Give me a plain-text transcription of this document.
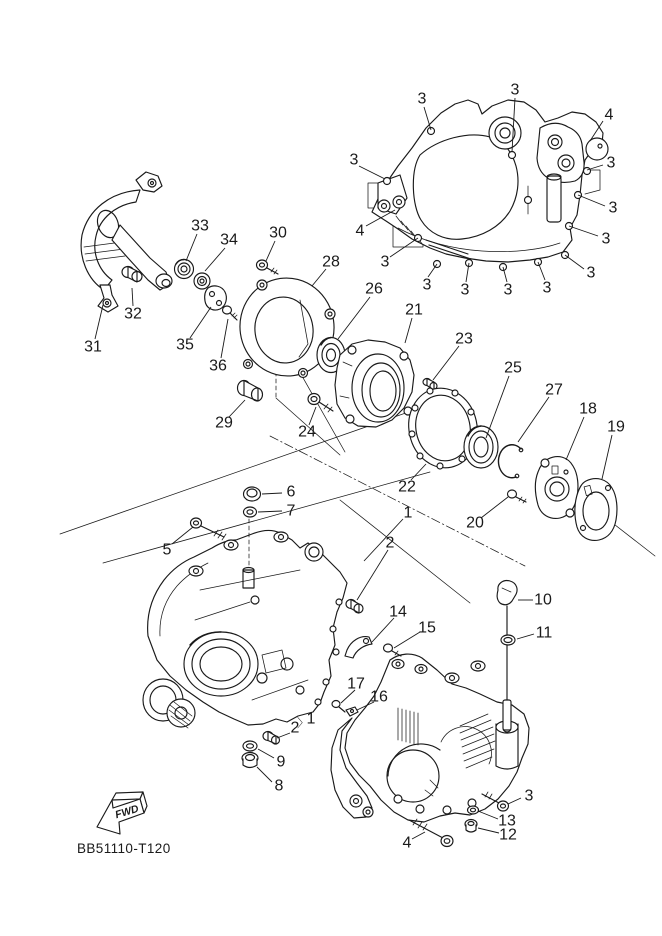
FWD
BB51110-T120
3
3
4
3	3
3
4	3
3
3
3 3 3 3
33
34 30
28
32
31	35
36
29
26
21
23
25
27
18
19
24
22
20
6
7
5
1
2
10
11
14
15
17
16
1
2
9
8
3
13
12
4
〉
